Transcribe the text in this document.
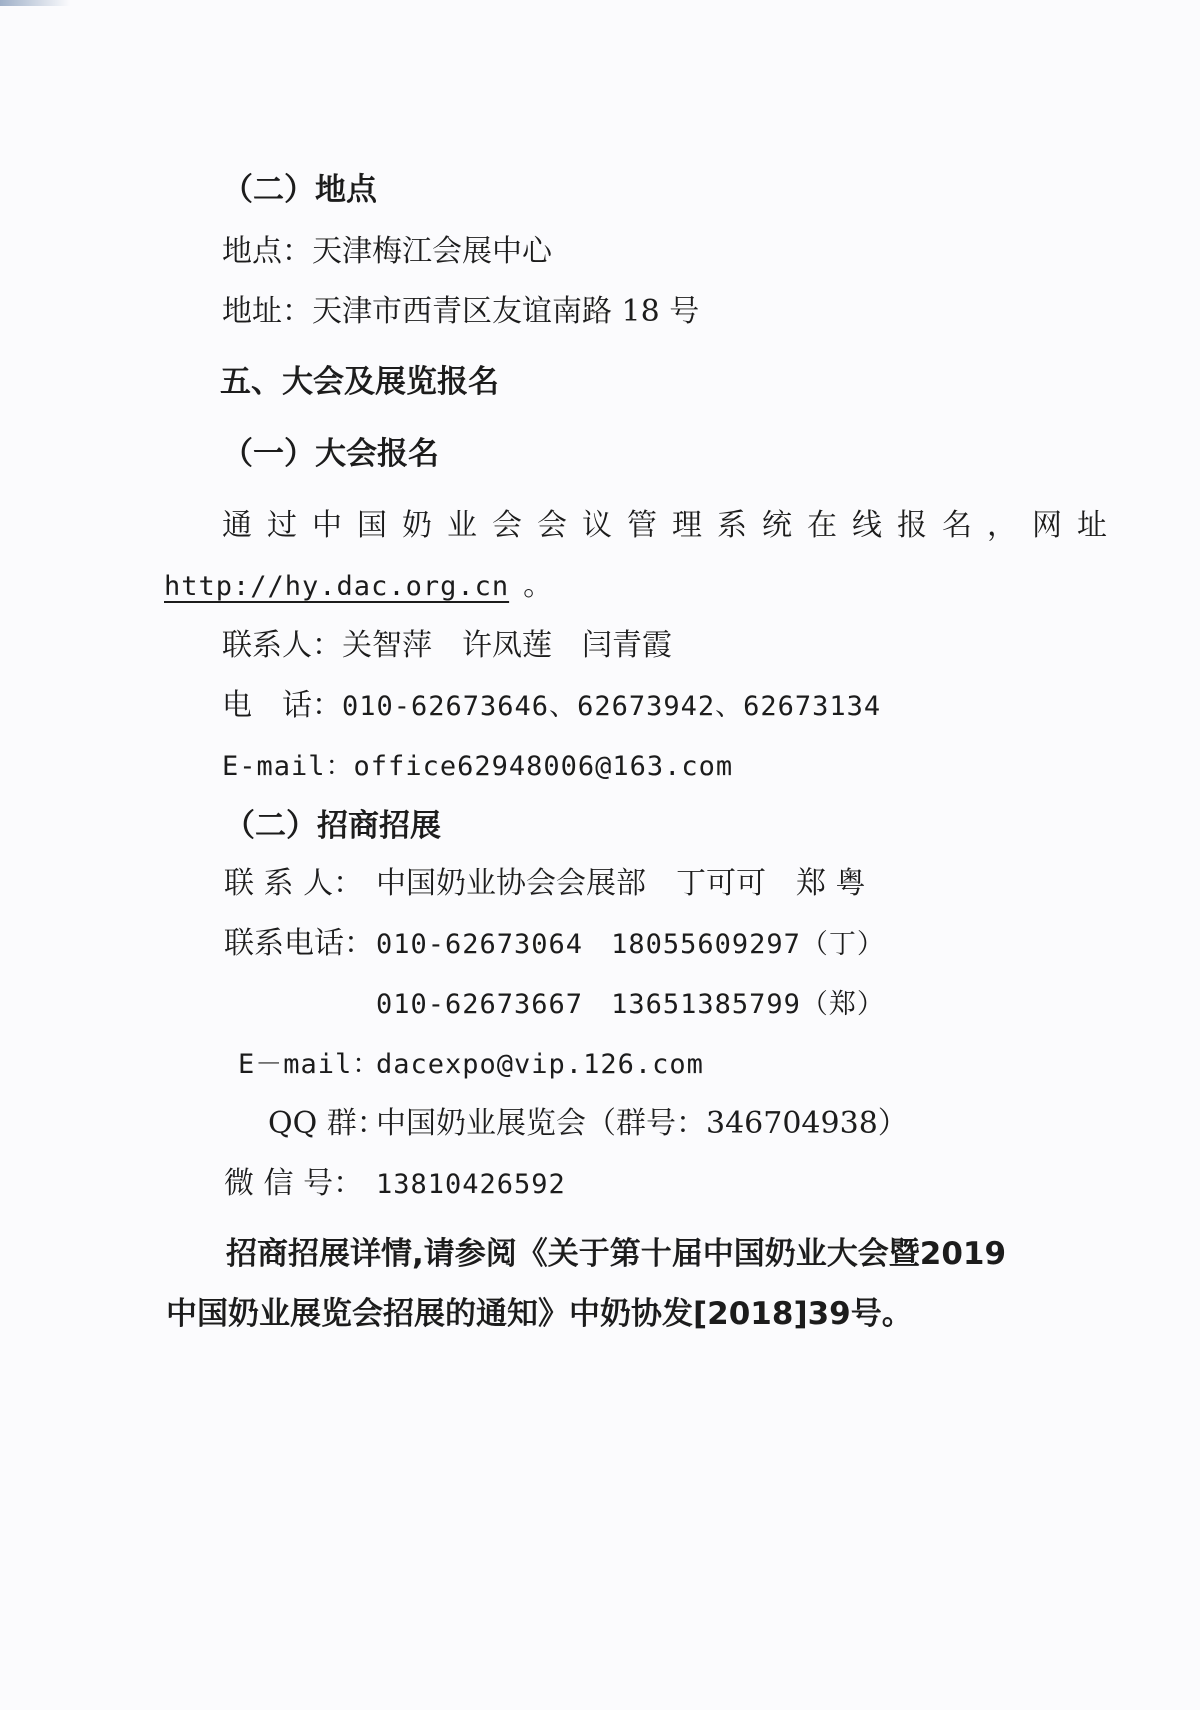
（二）地点
地点：天津梅江会展中心
地址：天津市西青区友谊南路 18 号
五、大会及展览报名
（一）大会报名
通过中国奶业会会议管理系统在线报名，网址
http://hy.dac.org.cn 。
联系人：关智萍　许凤莲　闫青霞
电　话：010-62673646、62673942、62673134
E-mail：office62948006@163.com
（二）招商招展
联 系 人： 中国奶业协会会展部　丁可可　郑 粤
联系电话：010-62673064　18055609297（丁）
010-62673667　13651385799（郑）
E－mail：dacexpo@vip.126.com
QQ 群：中国奶业展览会（群号：346704938）
微 信 号： 13810426592
招商招展详情,请参阅《关于第十届中国奶业大会暨2019
中国奶业展览会招展的通知》中奶协发[2018]39号。
